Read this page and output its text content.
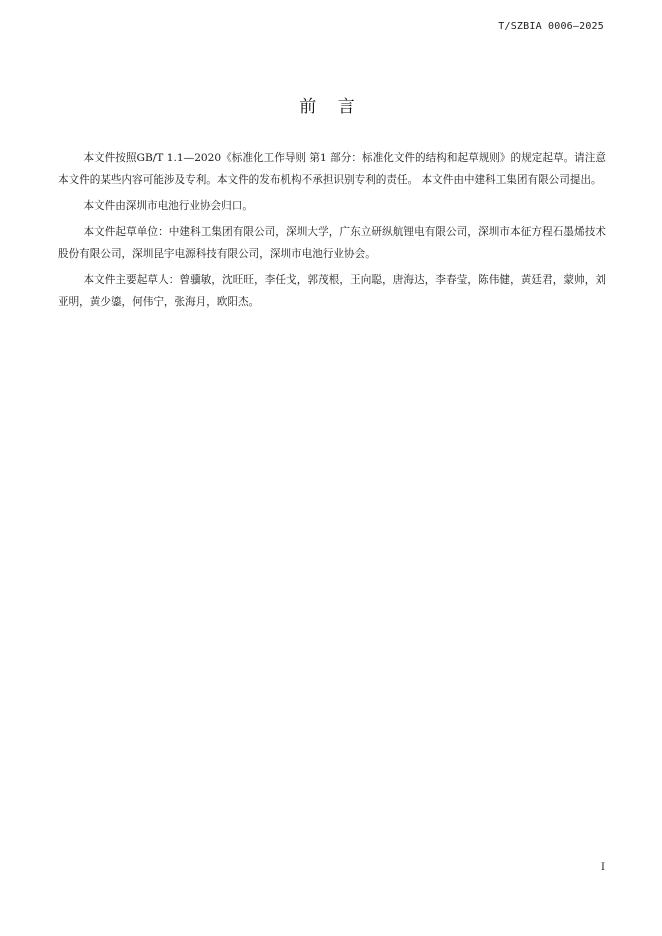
T/SZBIA 0006—2025
前 言

本文件按照GB/T 1.1—2020《标准化工作导则 第1 部分：标准化文件的结构和起草规则》的规定起草。请注意本文件的某些内容可能涉及专利。本文件的发布机构不承担识别专利的责任。 本文件由中建科工集团有限公司提出。

本文件由深圳市电池行业协会归口。

本文件起草单位：中建科工集团有限公司，深圳大学，广东立研纵航锂电有限公司，深圳市本征方程石墨烯技术股份有限公司，深圳昆宇电源科技有限公司，深圳市电池行业协会。

本文件主要起草人：曾骥敏，沈旺旺，李任戈，郭茂根，王向聪，唐海达，李春莹，陈伟健，黄廷君，蒙帅，刘亚明，黄少鎏，何伟宁，张海月，欧阳杰。

I
